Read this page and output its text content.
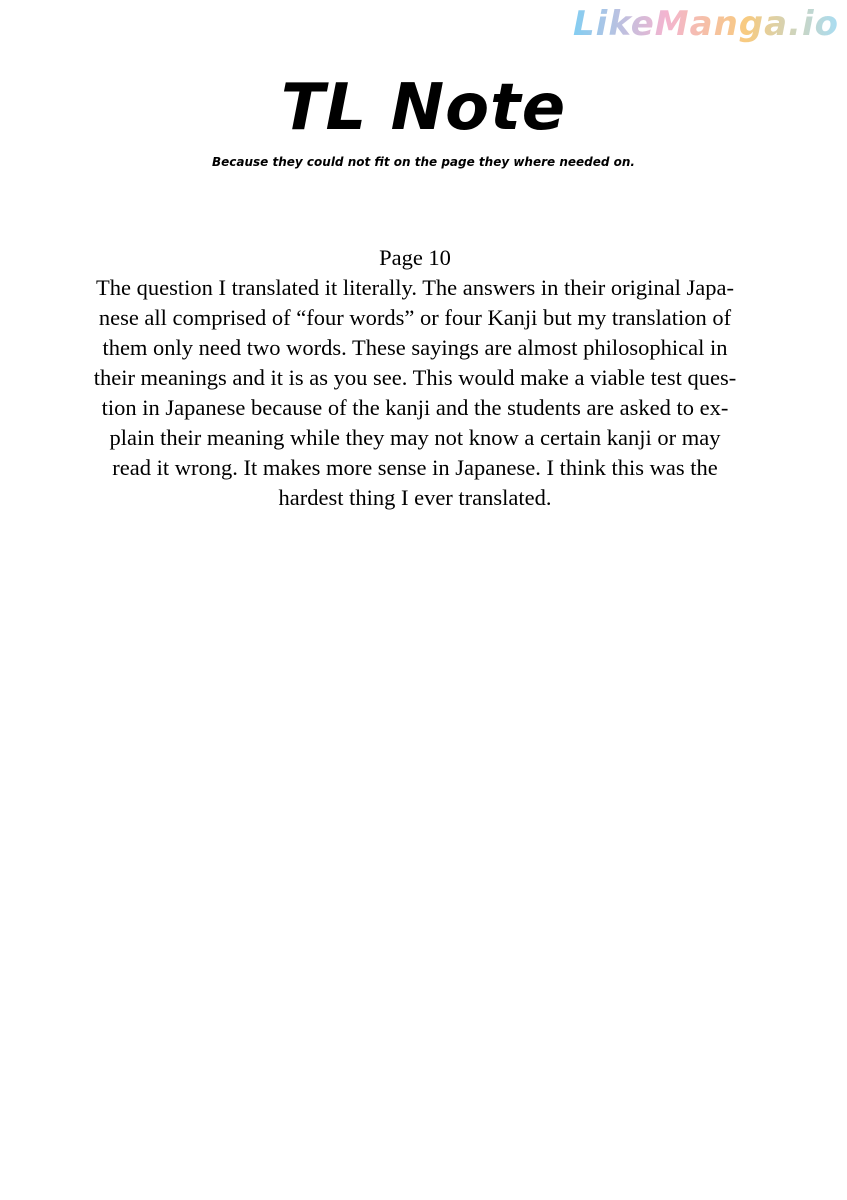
LikeManga.io
TL Note
Because they could not fit on the page they where needed on.
Page 10
The question I translated it literally. The answers in their original Japa-
nese all comprised of “four words” or four Kanji but my translation of
them only need two words. These sayings are almost philosophical in
their meanings and it is as you see. This would make a viable test ques-
tion in Japanese because of the kanji and the students are asked to ex-
plain their meaning while they may not know a certain kanji or may
read it wrong. It makes more sense in Japanese. I think this was the
hardest thing I ever translated.
